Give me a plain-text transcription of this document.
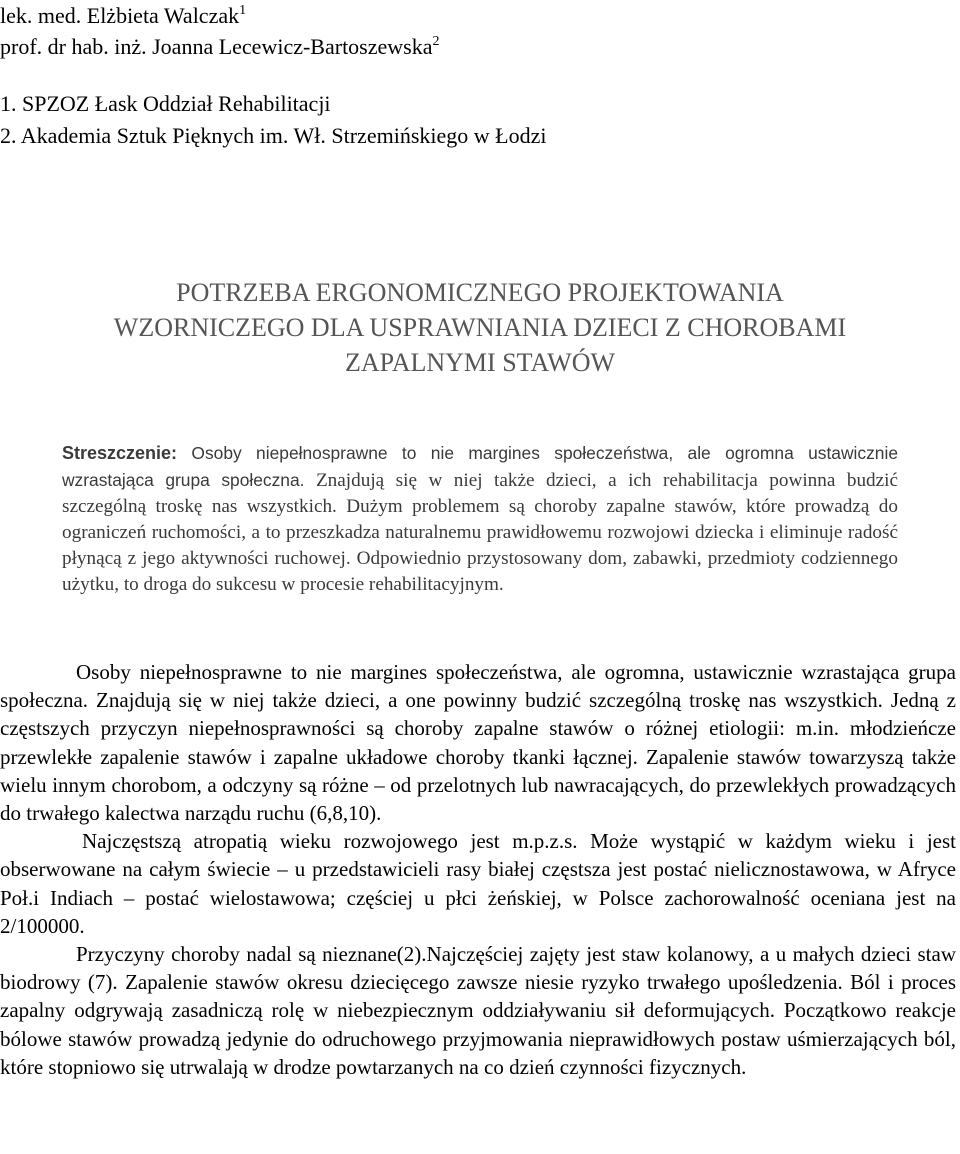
lek. med. Elżbieta Walczak$^1$
prof. dr hab. inż. Joanna Lecewicz-Bartoszewska$^2$
1. SPZOZ Łask Oddział Rehabilitacji
2. Akademia Sztuk Pięknych im. Wł. Strzemińskiego w Łodzi
POTRZEBA ERGONOMICZNEGO PROJEKTOWANIA
WZORNICZEGO DLA USPRAWNIANIA DZIECI Z CHOROBAMI
ZAPALNYMI STAWÓW
Streszczenie: Osoby niepełnosprawne to nie margines społeczeństwa, ale ogromna ustawicznie wzrastająca grupa społeczna. Znajdują się w niej także dzieci, a ich rehabilitacja powinna budzić szczególną troskę nas wszystkich. Dużym problemem są choroby zapalne stawów, które prowadzą do ograniczeń ruchomości, a to przeszkadza naturalnemu prawidłowemu rozwojowi dziecka i eliminuje radość płynącą z jego aktywności ruchowej. Odpowiednio przystosowany dom, zabawki, przedmioty codziennego użytku, to droga do sukcesu w procesie rehabilitacyjnym.

Osoby niepełnosprawne to nie margines społeczeństwa, ale ogromna, ustawicznie wzrastająca grupa społeczna. Znajdują się w niej także dzieci, a one powinny budzić szczególną troskę nas wszystkich. Jedną z częstszych przyczyn niepełnosprawności są choroby zapalne stawów o różnej etiologii: m.in. młodzieńcze przewlekłe zapalenie stawów i zapalne układowe choroby tkanki łącznej. Zapalenie stawów towarzyszą także wielu innym chorobom, a odczyny są różne – od przelotnych lub nawracających, do przewlekłych prowadzących do trwałego kalectwa narządu ruchu (6,8,10).

Najczęstszą atropatią wieku rozwojowego jest m.p.z.s. Może wystąpić w każdym wieku i jest obserwowane na całym świecie – u przedstawicieli rasy białej częstsza jest postać nielicznostawowa, w Afryce Poł.i Indiach – postać wielostawowa; częściej u płci żeńskiej, w Polsce zachorowalność oceniana jest na 2/100000.

Przyczyny choroby nadal są nieznane(2).Najczęściej zajęty jest staw kolanowy, a u małych dzieci staw biodrowy (7). Zapalenie stawów okresu dziecięcego zawsze niesie ryzyko trwałego upośledzenia. Ból i proces zapalny odgrywają zasadniczą rolę w niebezpiecznym oddziaływaniu sił deformujących. Początkowo reakcje bólowe stawów prowadzą jedynie do odruchowego przyjmowania nieprawidłowych postaw uśmierzających ból, które stopniowo się utrwalają w drodze powtarzanych na co dzień czynności fizycznych.
